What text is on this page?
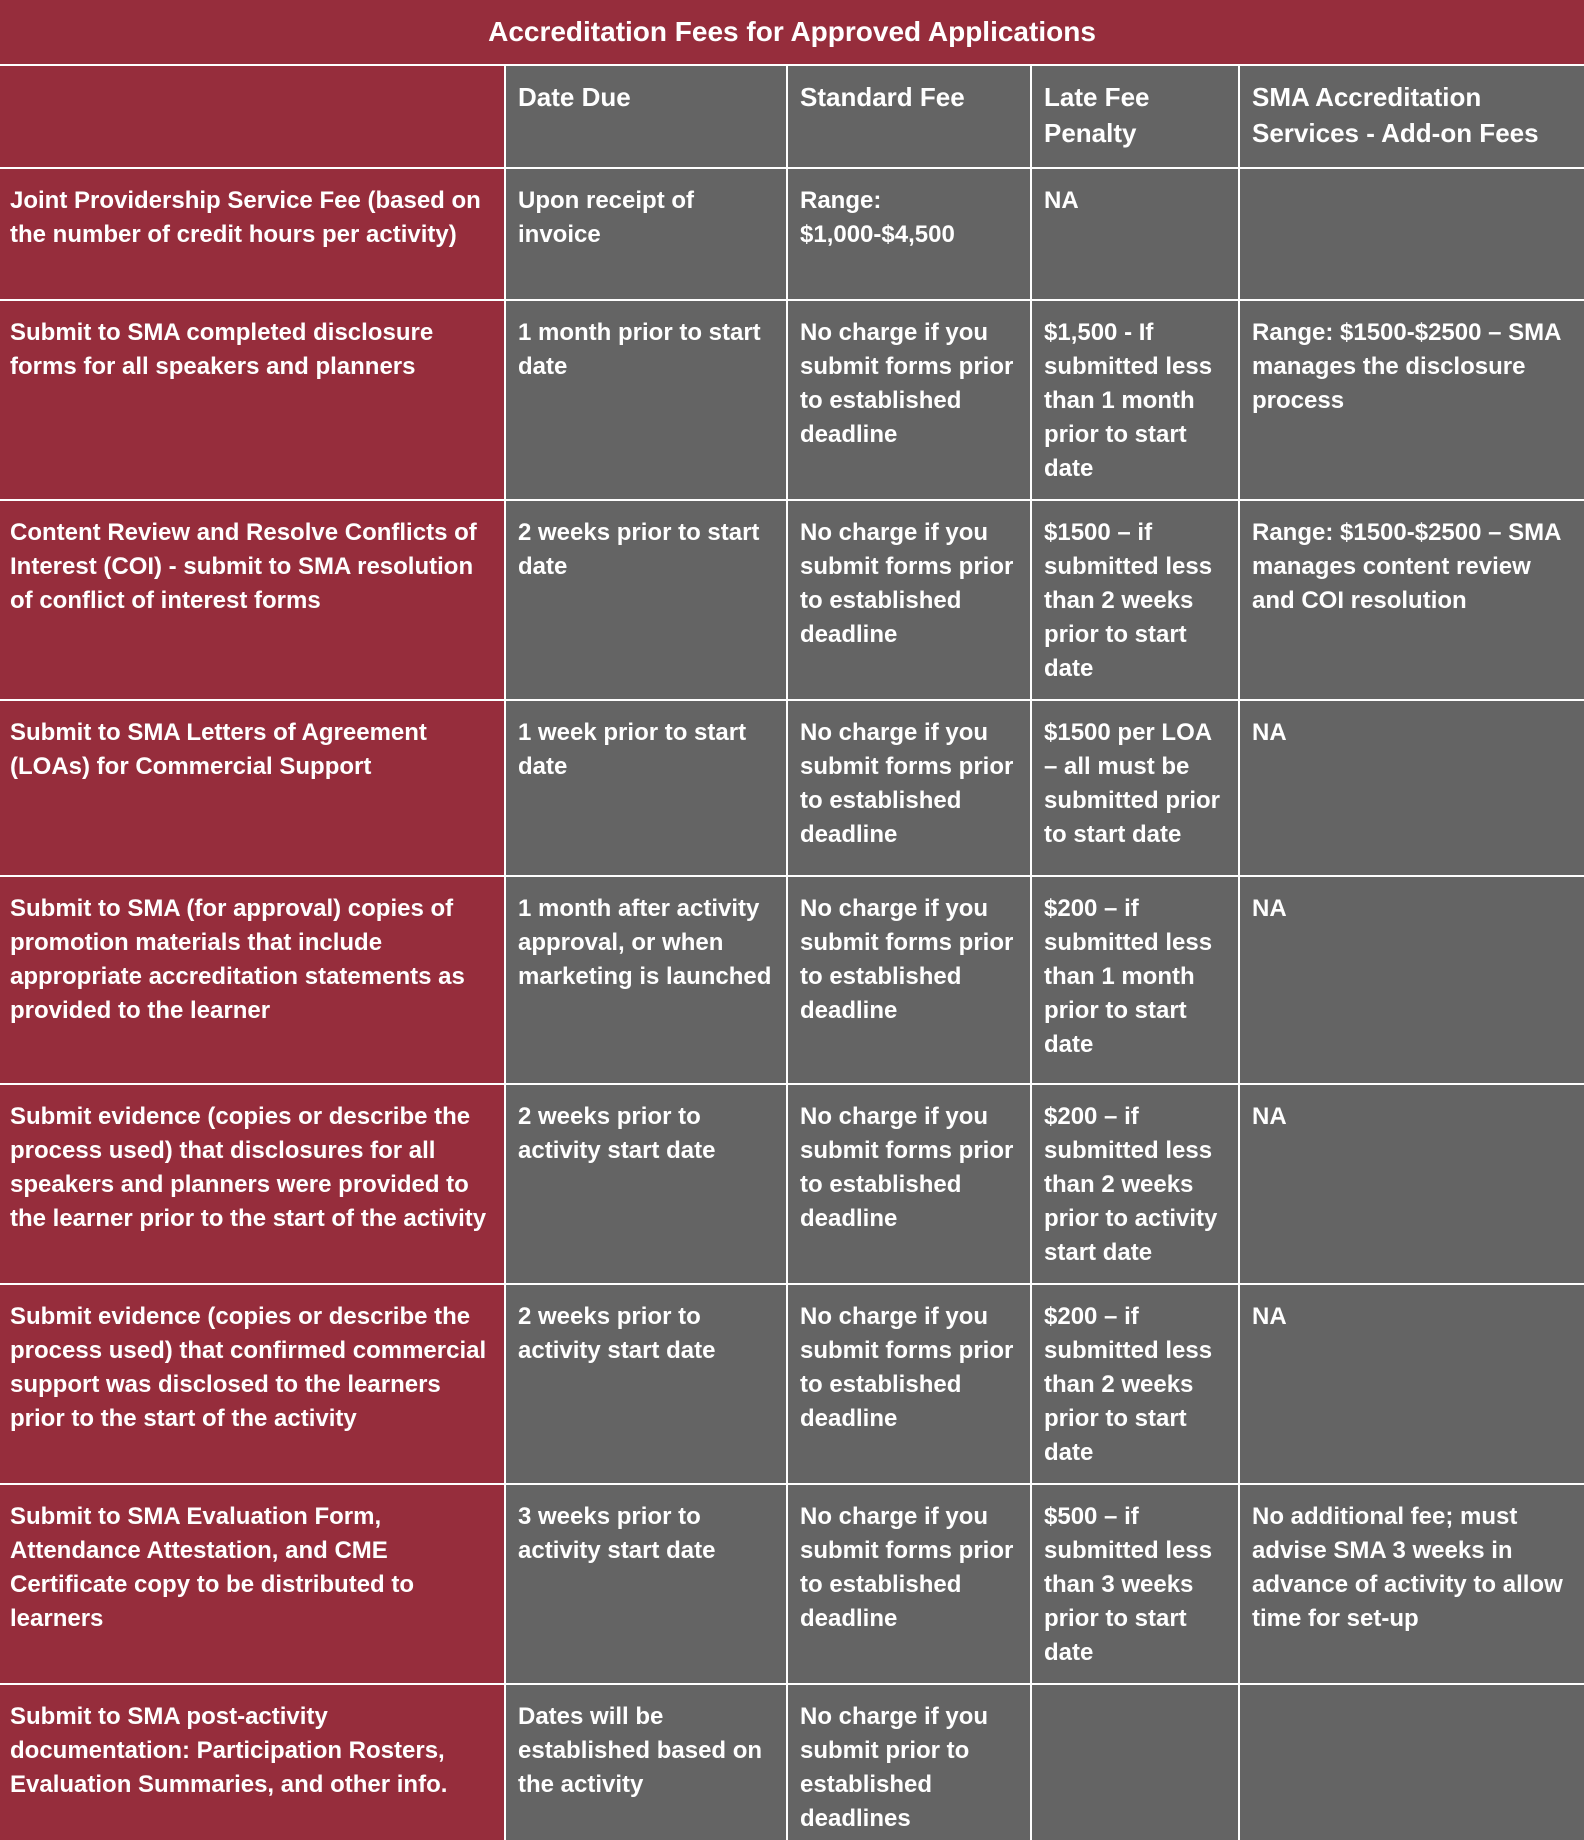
Accreditation Fees for Approved Applications
	Date Due	Standard Fee	Late Fee Penalty	SMA Accreditation Services - Add-on Fees
Joint Providership Service Fee (based on the number of credit hours per activity)	Upon receipt of invoice	Range: $1,000-$4,500	NA	
Submit to SMA completed disclosure forms for all speakers and planners	1 month prior to start date	No charge if you submit forms prior to established deadline	$1,500 - If submitted less than 1 month prior to start date	Range: $1500-$2500 – SMA manages the disclosure process
Content Review and Resolve Conflicts of Interest (COI) - submit to SMA resolution of conflict of interest forms	2 weeks prior to start date	No charge if you submit forms prior to established deadline	$1500 – if submitted less than 2 weeks prior to start date	Range: $1500-$2500 – SMA manages content review and COI resolution
Submit to SMA Letters of Agreement (LOAs) for Commercial Support	1 week prior to start date	No charge if you submit forms prior to established deadline	$1500 per LOA – all must be submitted prior to start date	NA
Submit to SMA (for approval) copies of promotion materials that include appropriate accreditation statements as provided to the learner	1 month after activity approval, or when marketing is launched	No charge if you submit forms prior to established deadline	$200 – if submitted less than 1 month prior to start date	NA
Submit evidence (copies or describe the process used) that disclosures for all speakers and planners were provided to the learner prior to the start of the activity	2 weeks prior to activity start date	No charge if you submit forms prior to established deadline	$200 – if submitted less than 2 weeks prior to activity start date	NA
Submit evidence (copies or describe the process used) that confirmed commercial support was disclosed to the learners prior to the start of the activity	2 weeks prior to activity start date	No charge if you submit forms prior to established deadline	$200 – if submitted less than 2 weeks prior to start date	NA
Submit to SMA Evaluation Form, Attendance Attestation, and CME Certificate copy to be distributed to learners	3 weeks prior to activity start date	No charge if you submit forms prior to established deadline	$500 – if submitted less than 3 weeks prior to start date	No additional fee; must advise SMA 3 weeks in advance of activity to allow time for set-up
Submit to SMA post-activity documentation: Participation Rosters, Evaluation Summaries, and other info.	Dates will be established based on the activity	No charge if you submit prior to established deadlines		
